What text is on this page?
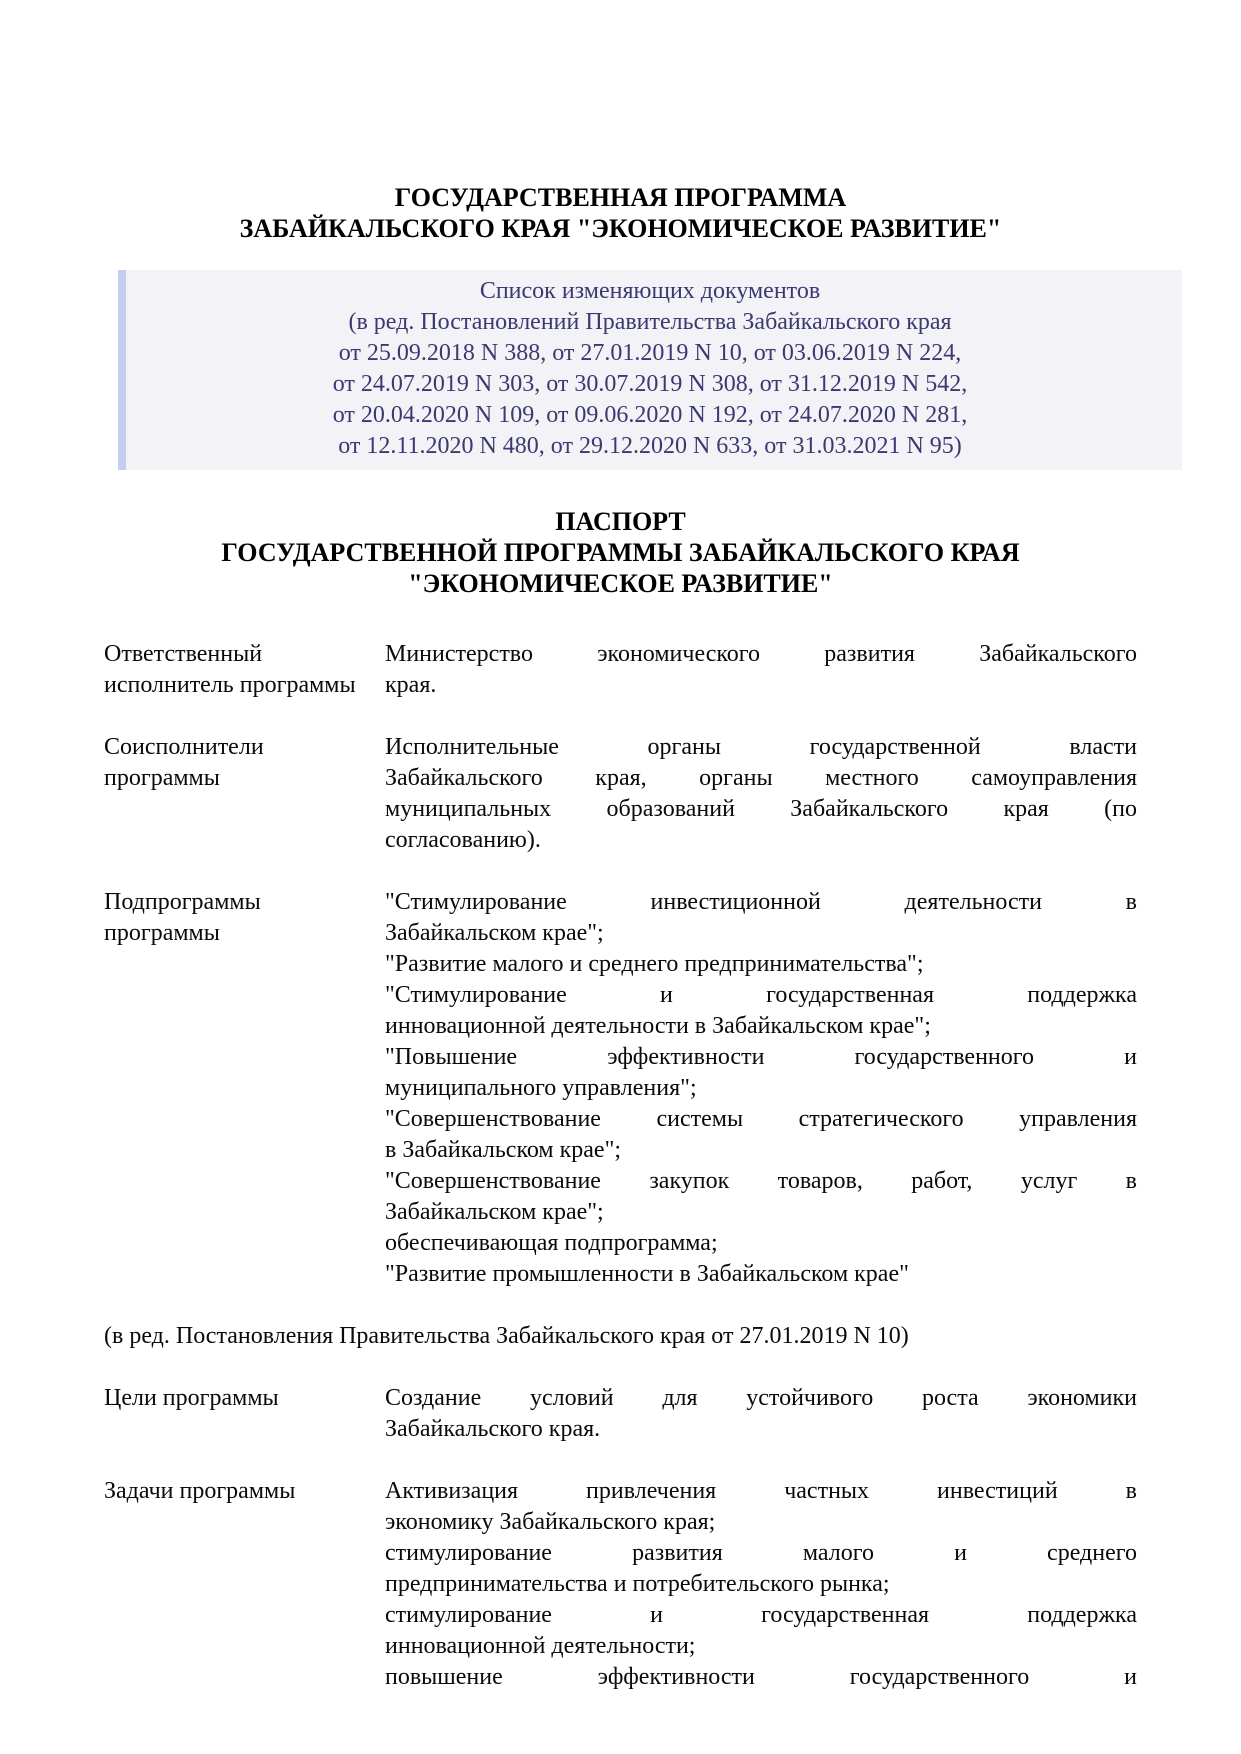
ГОСУДАРСТВЕННАЯ ПРОГРАММА
ЗАБАЙКАЛЬСКОГО КРАЯ "ЭКОНОМИЧЕСКОЕ РАЗВИТИЕ"
Список изменяющих документов
(в ред. Постановлений Правительства Забайкальского края
от 25.09.2018 N 388, от 27.01.2019 N 10, от 03.06.2019 N 224,
от 24.07.2019 N 303, от 30.07.2019 N 308, от 31.12.2019 N 542,
от 20.04.2020 N 109, от 09.06.2020 N 192, от 24.07.2020 N 281,
от 12.11.2020 N 480, от 29.12.2020 N 633, от 31.03.2021 N 95)
ПАСПОРТ
ГОСУДАРСТВЕННОЙ ПРОГРАММЫ ЗАБАЙКАЛЬСКОГО КРАЯ
"ЭКОНОМИЧЕСКОЕ РАЗВИТИЕ"
Ответственный исполнитель программы
Министерство экономического развития Забайкальского
края.
Соисполнители программы
Исполнительные органы государственной власти
Забайкальского края, органы местного самоуправления
муниципальных образований Забайкальского края (по
согласованию).
Подпрограммы программы
"Стимулирование инвестиционной деятельности в
Забайкальском крае";
"Развитие малого и среднего предпринимательства";
"Стимулирование и государственная поддержка
инновационной деятельности в Забайкальском крае";
"Повышение эффективности государственного и
муниципального управления";
"Совершенствование системы стратегического управления
в Забайкальском крае";
"Совершенствование закупок товаров, работ, услуг в
Забайкальском крае";
обеспечивающая подпрограмма;
"Развитие промышленности в Забайкальском крае"
(в ред. Постановления Правительства Забайкальского края от 27.01.2019 N 10)
Цели программы	Создание условий для устойчивого роста экономики
Забайкальского края.
Задачи программы	Активизация привлечения частных инвестиций в
экономику Забайкальского края;
стимулирование развития малого и среднего
предпринимательства и потребительского рынка;
стимулирование и государственная поддержка
инновационной деятельности;
повышение эффективности государственного и
